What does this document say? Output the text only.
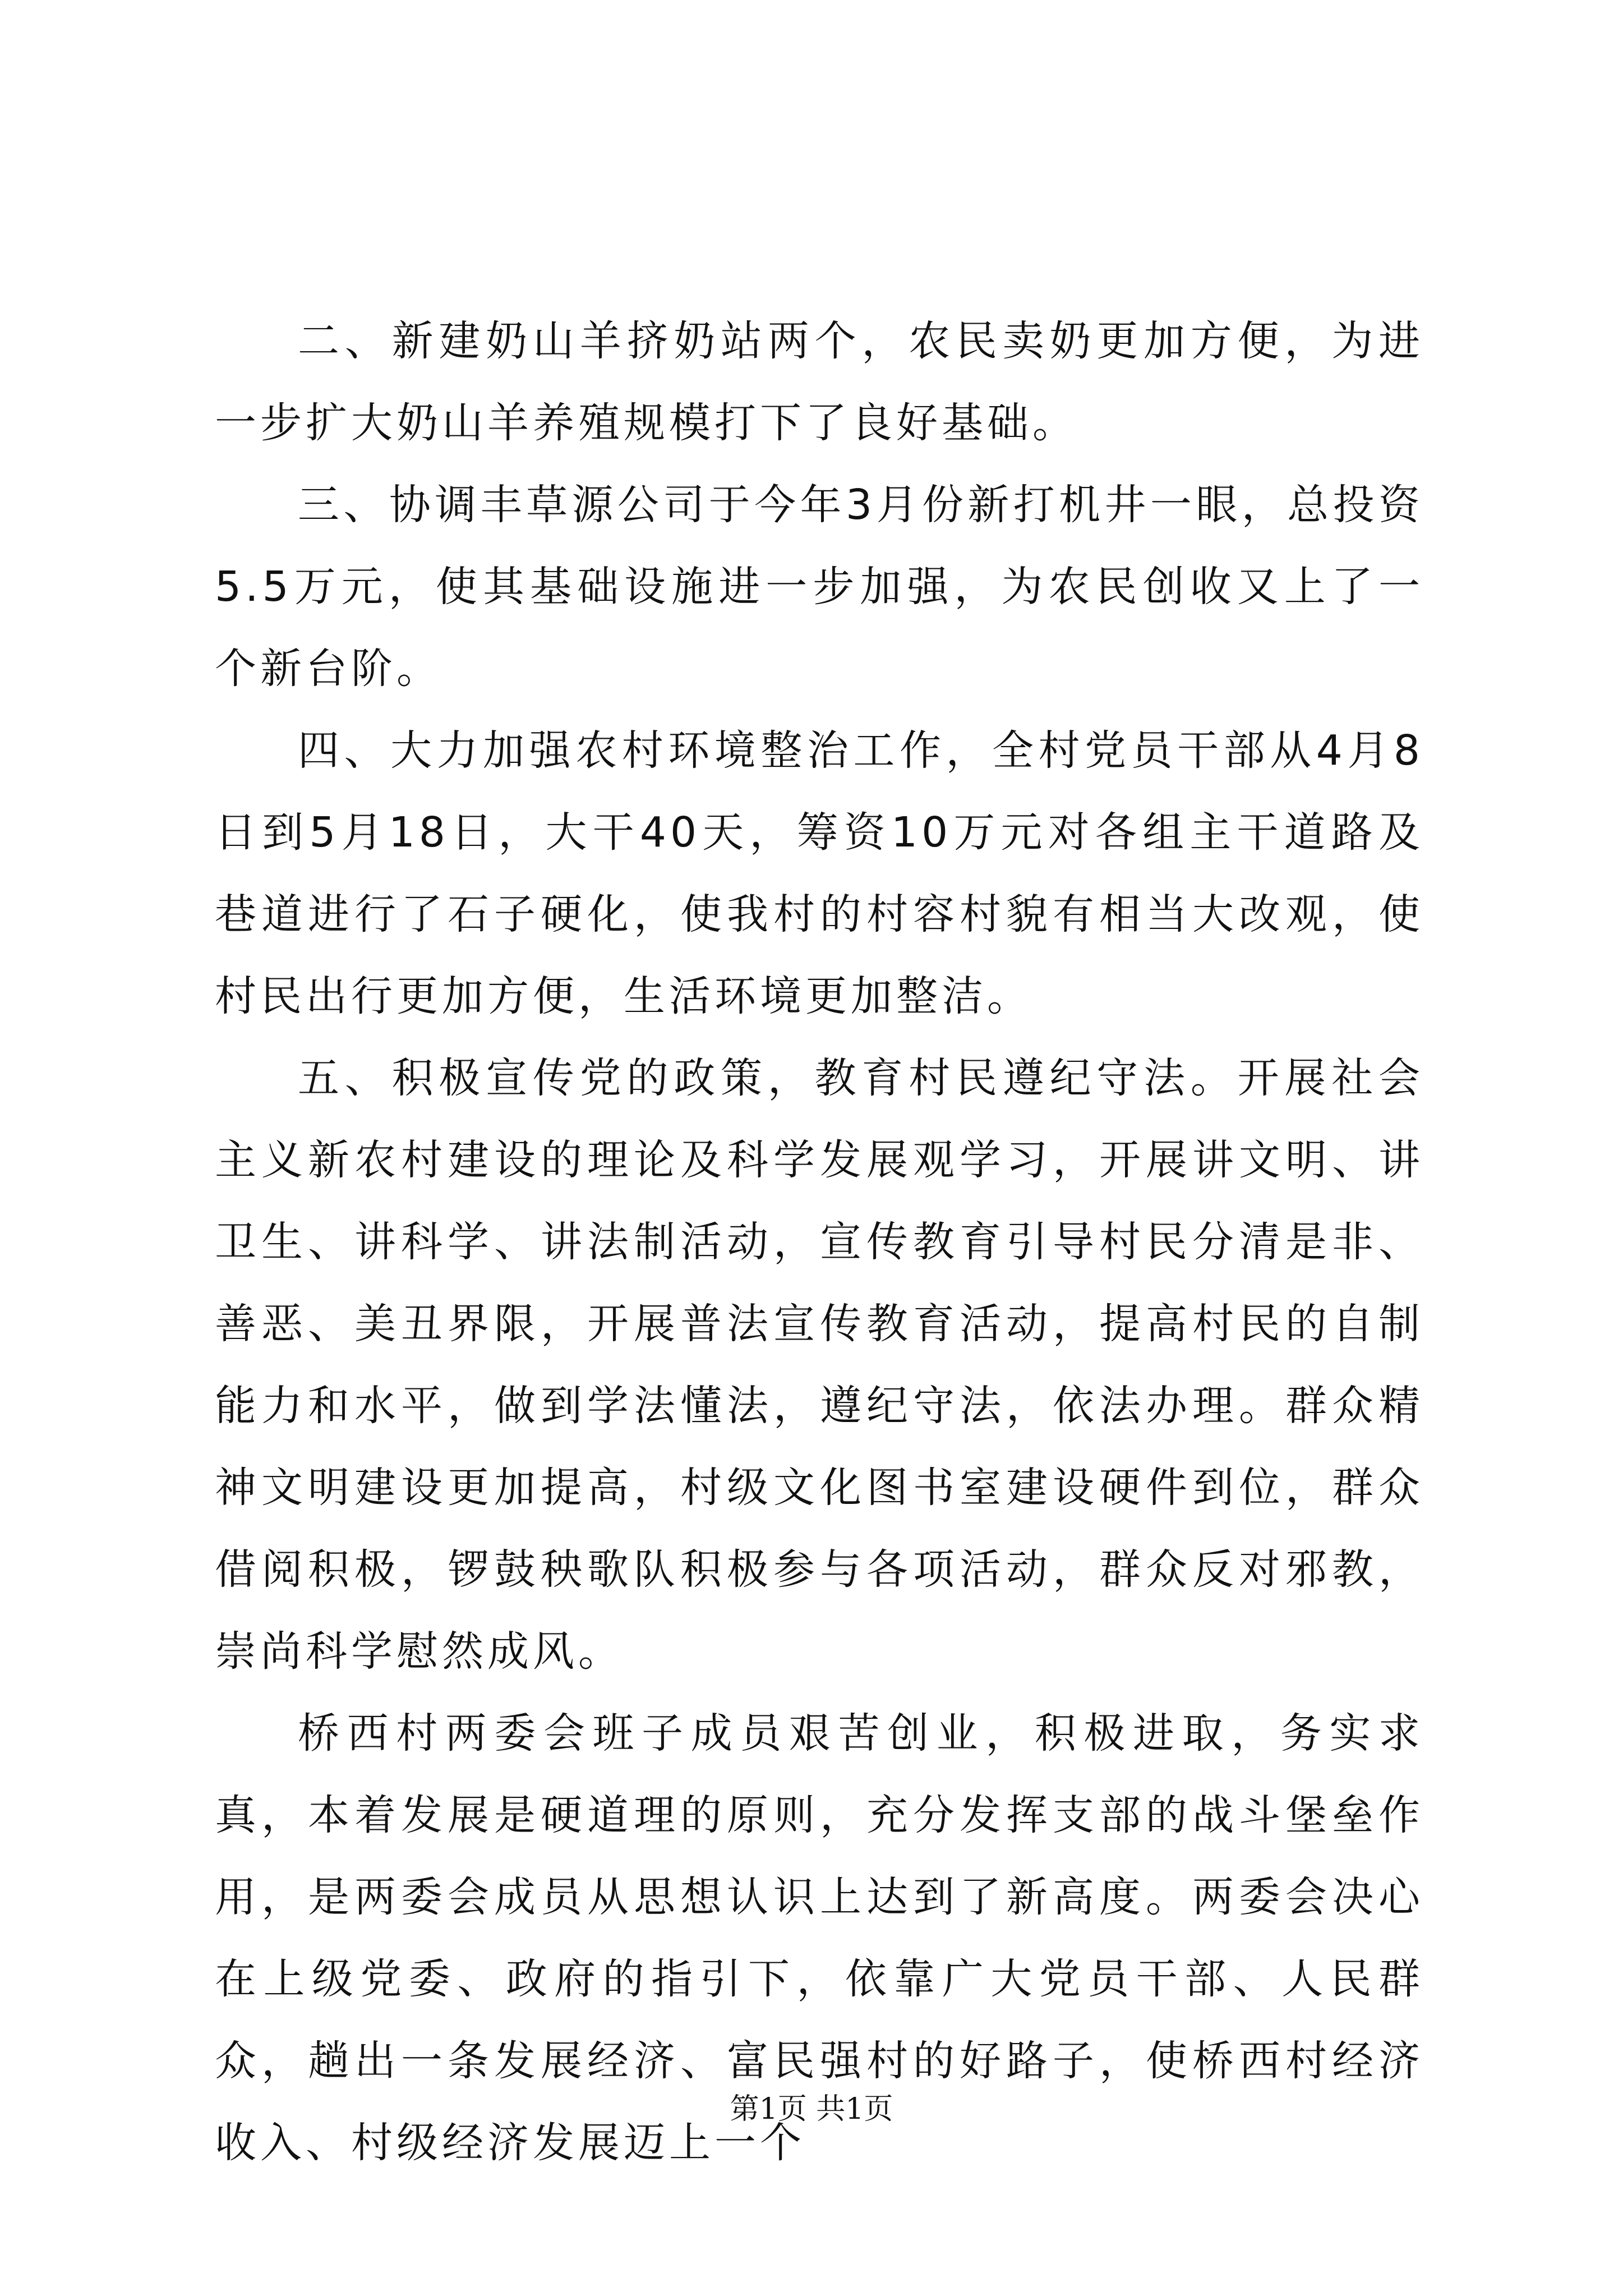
二、新建奶山羊挤奶站两个，农民卖奶更加方便，为进一步扩大奶山羊养殖规模打下了良好基础。

三、协调丰草源公司于今年3月份新打机井一眼，总投资5.5万元，使其基础设施进一步加强，为农民创收又上了一个新台阶。

四、大力加强农村环境整治工作，全村党员干部从4月8日到5月18日，大干40天，筹资10万元对各组主干道路及巷道进行了石子硬化，使我村的村容村貌有相当大改观，使村民出行更加方便，生活环境更加整洁。

五、积极宣传党的政策，教育村民遵纪守法。开展社会主义新农村建设的理论及科学发展观学习，开展讲文明、讲卫生、讲科学、讲法制活动，宣传教育引导村民分清是非、善恶、美丑界限，开展普法宣传教育活动，提高村民的自制能力和水平，做到学法懂法，遵纪守法，依法办理。群众精神文明建设更加提高，村级文化图书室建设硬件到位，群众借阅积极，锣鼓秧歌队积极参与各项活动，群众反对邪教，崇尚科学慰然成风。

桥西村两委会班子成员艰苦创业，积极进取，务实求真，本着发展是硬道理的原则，充分发挥支部的战斗堡垒作用，是两委会成员从思想认识上达到了新高度。两委会决心在上级党委、政府的指引下，依靠广大党员干部、人民群众，趟出一条发展经济、富民强村的好路子，使桥西村经济收入、村级经济发展迈上一个

第1页 共1页
